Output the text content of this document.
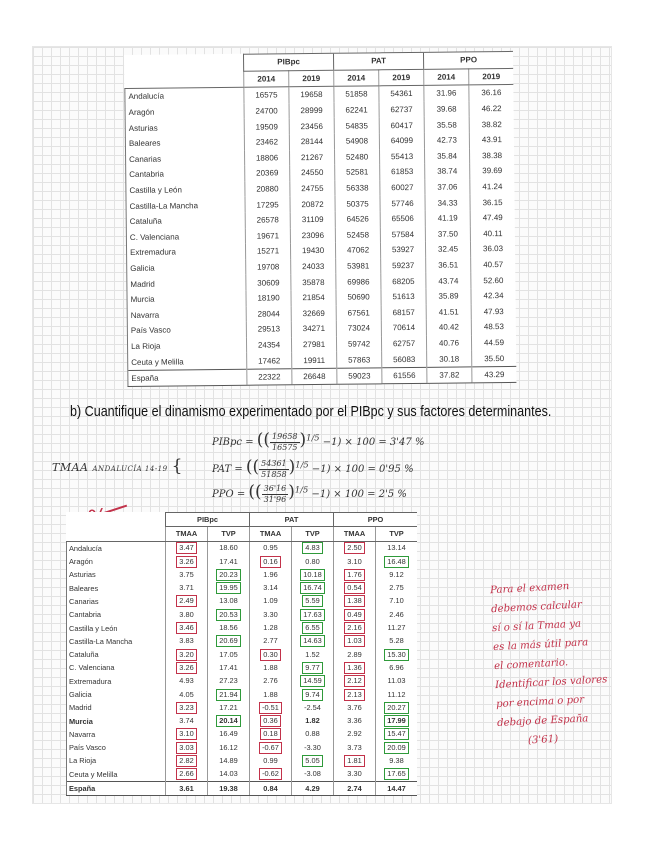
	PIBpc		PAT		PPO	
	2014	2019	2014	2019	2014	2019
Andalucía	16575	19658	51858	54361	31.96	36.16
Aragón	24700	28999	62241	62737	39.68	46.22
Asturias	19509	23456	54835	60417	35.58	38.82
Baleares	23462	28144	54908	64099	42.73	43.91
Canarias	18806	21267	52480	55413	35.84	38.38
Cantabria	20369	24550	52581	61853	38.74	39.69
Castilla y León	20880	24755	56338	60027	37.06	41.24
Castilla-La Mancha	17295	20872	50375	57746	34.33	36.15
Cataluña	26578	31109	64526	65506	41.19	47.49
C. Valenciana	19671	23096	52458	57584	37.50	40.11
Extremadura	15271	19430	47062	53927	32.45	36.03
Galicia	19708	24033	53981	59237	36.51	40.57
Madrid	30609	35878	69986	68205	43.74	52.60
Murcia	18190	21854	50690	51613	35.89	42.34
Navarra	28044	32669	67561	68157	41.51	47.93
País Vasco	29513	34271	73024	70614	40.42	48.53
La Rioja	24354	27981	59742	62757	40.76	44.59
Ceuta y Melilla	17462	19911	57863	56083	30.18	35.50
España	22322	26648	59023	61556	37.82	43.29
b) Cuantifique el dinamismo experimentado por el PIBpc y sus factores determinantes.
TMAA ANDALUCÍA 14-19 {
PIBpc = (( $\frac{19658}{16575})^{1/5} -1) \times 100 = 3'47$ %
PAT = (( $\frac{54361}{51858})^{1/5} -1) \times 100 = 0'95$ %
PPO = (( $\frac{36'16}{31'96})^{1/5} -1) \times 100 = 2'5$ %
	PIBpc		PAT		PPO	
	TMAA	TVP	TMAA	TVP	TMAA	TVP
Andalucía	3.47	18.60	0.95	4.83	2.50	13.14
Aragón	3.26	17.41	0.16	0.80	3.10	16.48
Asturias	3.75	20.23	1.96	10.18	1.76	9.12
Baleares	3.71	19.95	3.14	16.74	0.54	2.75
Canarias	2.49	13.08	1.09	5.59	1.38	7.10
Cantabria	3.80	20.53	3.30	17.63	0.49	2.46
Castilla y León	3.46	18.56	1.28	6.55	2.16	11.27
Castilla-La Mancha	3.83	20.69	2.77	14.63	1.03	5.28
Cataluña	3.20	17.05	0.30	1.52	2.89	15.30
C. Valenciana	3.26	17.41	1.88	9.77	1.36	6.96
Extremadura	4.93	27.23	2.76	14.59	2.12	11.03
Galicia	4.05	21.94	1.88	9.74	2.13	11.12
Madrid	3.23	17.21	-0.51	-2.54	3.76	20.27
Murcia	3.74	20.14	0.36	1.82	3.36	17.99
Navarra	3.10	16.49	0.18	0.88	2.92	15.47
País Vasco	3.03	16.12	-0.67	-3.30	3.73	20.09
La Rioja	2.82	14.89	0.99	5.05	1.81	9.38
Ceuta y Melilla	2.66	14.03	-0.62	-3.08	3.30	17.65
España	3.61	19.38	0.84	4.29	2.74	14.47
Para el examen
debemos calcular
sí o sí la Tmaa ya
es la más útil para
el comentario.
Identificar los valores
por encima o por
debajo de España
(3'61)
